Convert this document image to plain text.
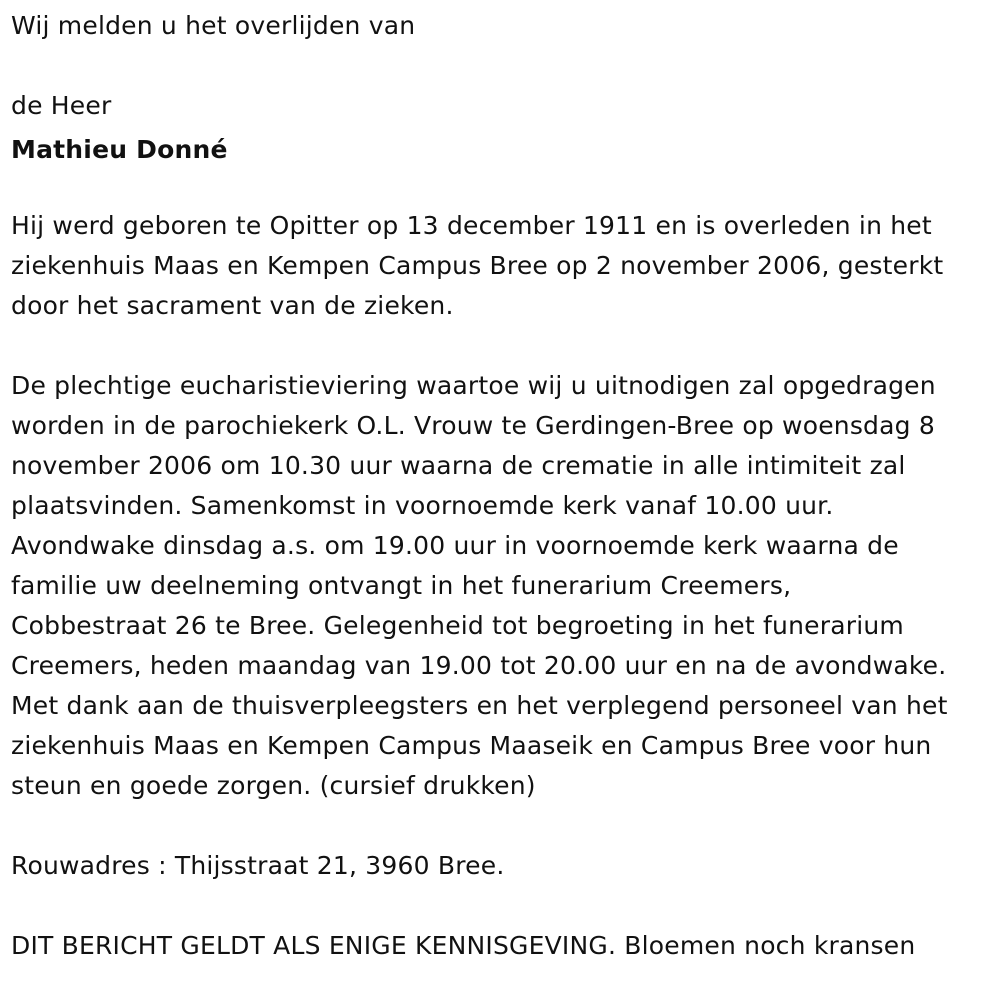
Wij melden u het overlijden van
de Heer
Mathieu Donné
Hij werd geboren te Opitter op 13 december 1911 en is overleden in het
ziekenhuis Maas en Kempen Campus Bree op 2 november 2006, gesterkt
door het sacrament van de zieken.
De plechtige eucharistieviering waartoe wij u uitnodigen zal opgedragen
worden in de parochiekerk O.L. Vrouw te Gerdingen-Bree op woensdag 8
november 2006 om 10.30 uur waarna de crematie in alle intimiteit zal
plaatsvinden. Samenkomst in voornoemde kerk vanaf 10.00 uur.
Avondwake dinsdag a.s. om 19.00 uur in voornoemde kerk waarna de
familie uw deelneming ontvangt in het funerarium Creemers,
Cobbestraat 26 te Bree. Gelegenheid tot begroeting in het funerarium
Creemers, heden maandag van 19.00 tot 20.00 uur en na de avondwake.
Met dank aan de thuisverpleegsters en het verplegend personeel van het
ziekenhuis Maas en Kempen Campus Maaseik en Campus Bree voor hun
steun en goede zorgen. (cursief drukken)
Rouwadres : Thijsstraat 21, 3960 Bree.
DIT BERICHT GELDT ALS ENIGE KENNISGEVING. Bloemen noch kransen
